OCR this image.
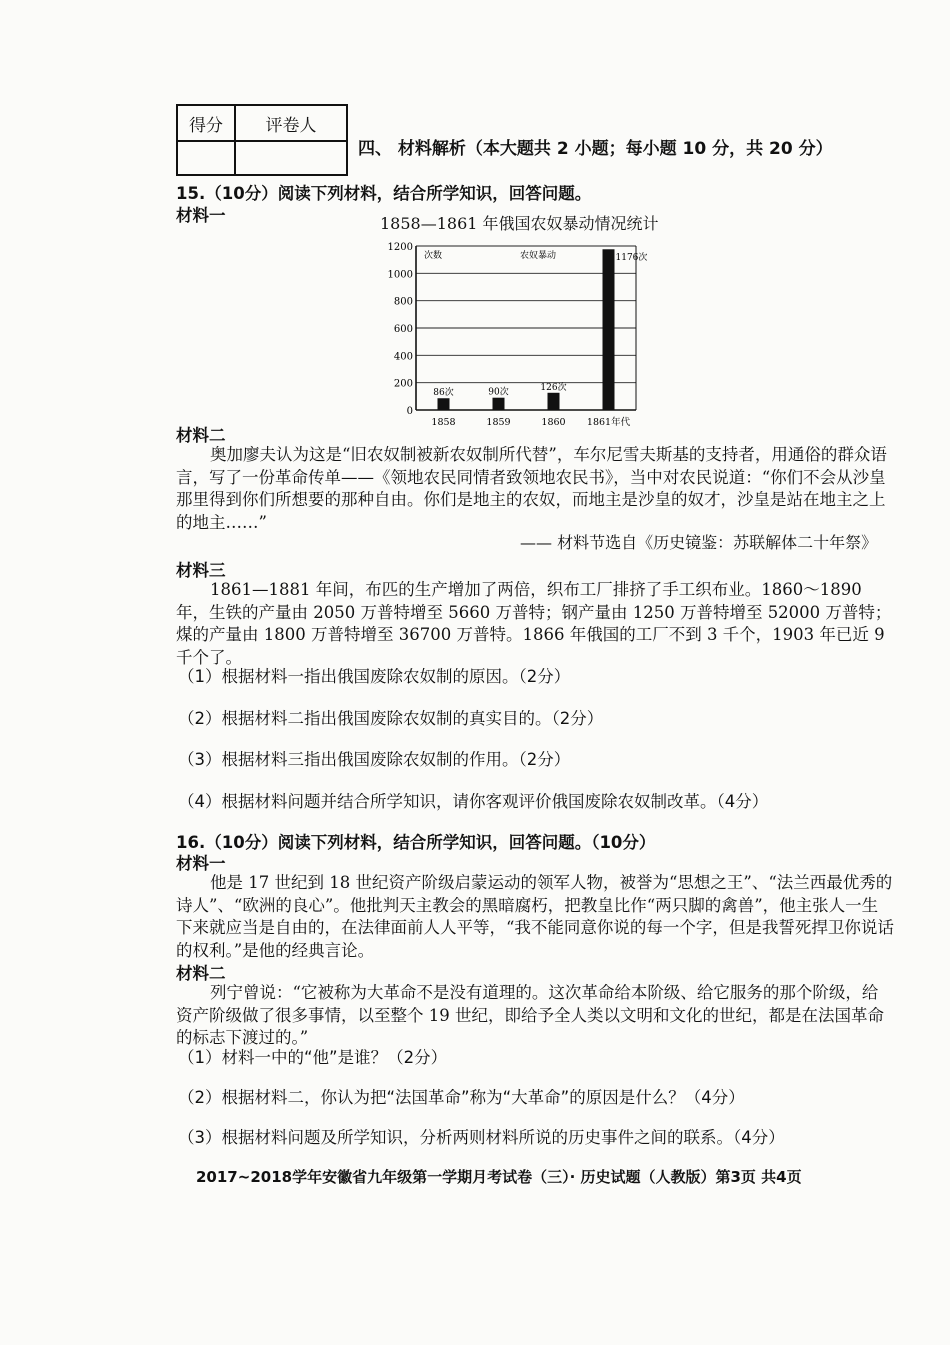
得分	评卷人

四、 材料解析（本大题共 2 小题；每小题 10 分，共 20 分）
15.（10分）阅读下列材料，结合所学知识，回答问题。
材料一	1858—1861 年俄国农奴暴动情况统计
0
200
400
600
800
1000
1200
86次	90次	126次
1176次
1858	1859	1860 1861年代
次数	农奴暴动
材料二
奥加廖夫认为这是“旧农奴制被新农奴制所代替”，车尔尼雪夫斯基的支持者，用通俗的群众语言，写了一份革命传单——《领地农民同情者致领地农民书》，当中对农民说道：“你们不会从沙皇那里得到你们所想要的那种自由。你们是地主的农奴，而地主是沙皇的奴才，沙皇是站在地主之上的地主……”
—— 材料节选自《历史镜鉴：苏联解体二十年祭》
材料三
1861—1881 年间，布匹的生产增加了两倍，织布工厂排挤了手工织布业。1860～1890 年，生铁的产量由 2050 万普特增至 5660 万普特；钢产量由 1250 万普特增至 52000 万普特；煤的产量由 1800 万普特增至 36700 万普特。1866 年俄国的工厂不到 3 千个，1903 年已近 9 千个了。
（1）根据材料一指出俄国废除农奴制的原因。（2分）
（2）根据材料二指出俄国废除农奴制的真实目的。（2分）
（3）根据材料三指出俄国废除农奴制的作用。（2分）
（4）根据材料问题并结合所学知识，请你客观评价俄国废除农奴制改革。（4分）
16.（10分）阅读下列材料，结合所学知识，回答问题。（10分）
材料一
他是 17 世纪到 18 世纪资产阶级启蒙运动的领军人物，被誉为“思想之王”、“法兰西最优秀的诗人”、“欧洲的良心”。他批判天主教会的黑暗腐朽，把教皇比作“两只脚的禽兽”，他主张人一生下来就应当是自由的，在法律面前人人平等，“我不能同意你说的每一个字，但是我誓死捍卫你说话的权利。”是他的经典言论。
材料二
列宁曾说：“它被称为大革命不是没有道理的。这次革命给本阶级、给它服务的那个阶级，给资产阶级做了很多事情，以至整个 19 世纪，即给予全人类以文明和文化的世纪，都是在法国革命的标志下渡过的。”
（1）材料一中的“他”是谁？（2分）
（2）根据材料二，你认为把“法国革命”称为“大革命”的原因是什么？（4分）
（3）根据材料问题及所学知识，分析两则材料所说的历史事件之间的联系。（4分）
2017~2018学年安徽省九年级第一学期月考试卷（三）· 历史试题（人教版）第3页 共4页
